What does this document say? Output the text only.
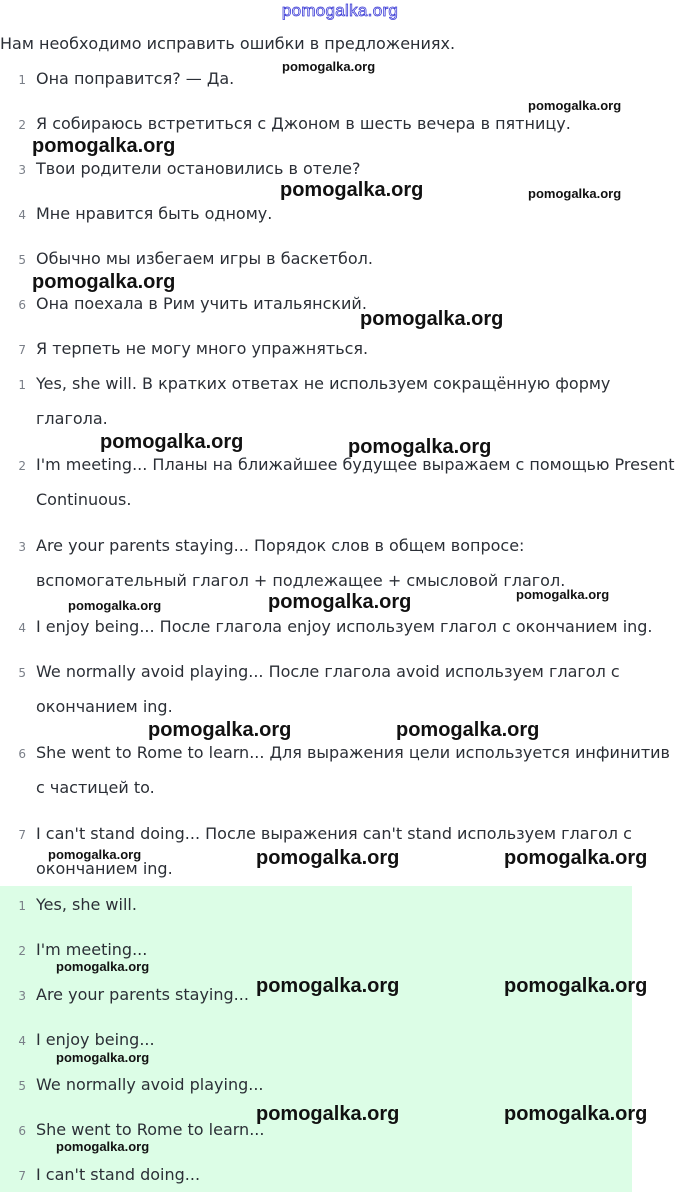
pomogalka.org
Нам необходимо исправить ошибки в предложениях.
1 Она поправится? — Да.
2 Я собираюсь встретиться с Джоном в шесть вечера в пятницу.
3 Твои родители остановились в отеле?
4 Мне нравится быть одному.
5 Обычно мы избегаем игры в баскетбол.
6 Она поехала в Рим учить итальянский.
7 Я терпеть не могу много упражняться.
1 Yes, she will. В кратких ответах не используем сокращённую форму
глагола.
2 I'm meeting... Планы на ближайшее будущее выражаем с помощью Present
Continuous.
3 Are your parents staying... Порядок слов в общем вопросе:
вспомогательный глагол + подлежащее + смысловой глагол.
4 I enjoy being... После глагола enjoy используем глагол с окончанием ing.
5 We normally avoid playing... После глагола avoid используем глагол с
окончанием ing.
6 She went to Rome to learn... Для выражения цели используется инфинитив
с частицей to.
7 I can't stand doing... После выражения can't stand используем глагол с
окончанием ing.
1 Yes, she will.
2 I'm meeting...
3 Are your parents staying...
4 I enjoy being...
5 We normally avoid playing...
6 She went to Rome to learn...
7 I can't stand doing...
pomogalka.org
pomogalka.org
pomogalka.org
pomogalka.org	pomogalka.org
pomogalka.org
pomogalka.org
pomogalka.org	pomogalka.org
pomogalka.org	pomogalka.org	pomogalka.org
pomogalka.org	pomogalka.org
pomogalka.org	pomogalka.org	pomogalka.org
pomogalka.org
pomogalka.org	pomogalka.org
pomogalka.org
pomogalka.org	pomogalka.org
pomogalka.org
